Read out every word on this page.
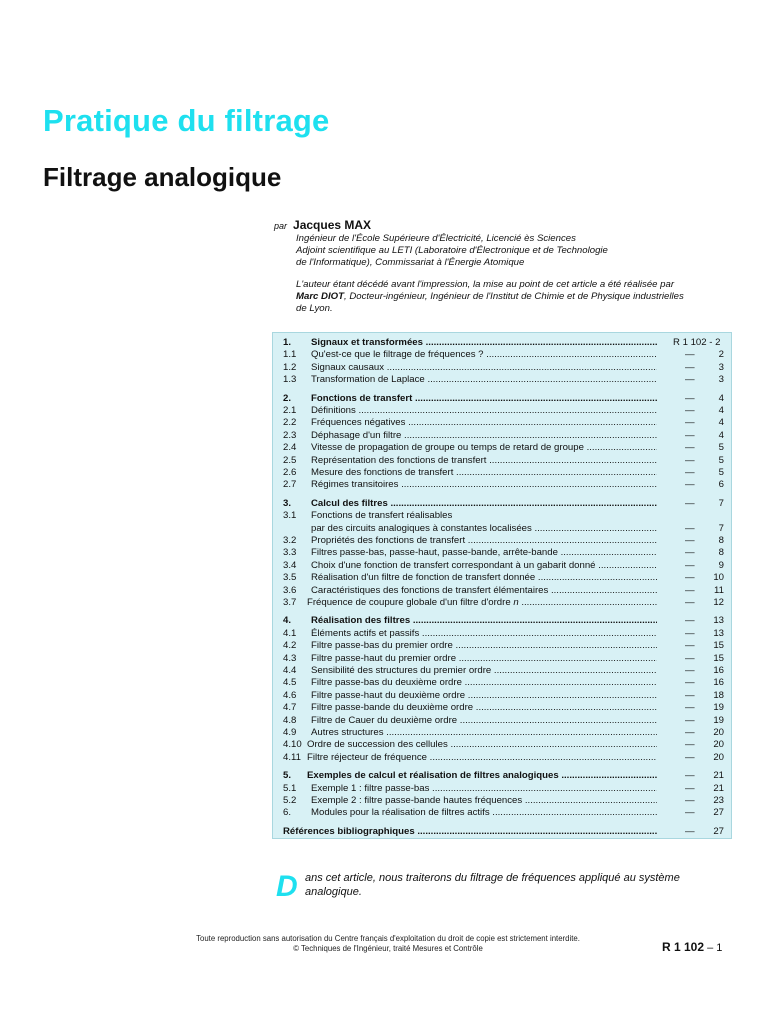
Pratique du filtrage
Filtrage analogique
par Jacques MAX
Ingénieur de l'École Supérieure d'Électricité, Licencié ès Sciences
Adjoint scientifique au LETI (Laboratoire d'Électronique et de Technologie
de l'Informatique), Commissariat à l'Énergie Atomique
L'auteur étant décédé avant l'impression, la mise au point de cet article a été réalisée par
Marc DIOT, Docteur-ingénieur, Ingénieur de l'Institut de Chimie et de Physique industrielles
de Lyon.
1. Signaux et transformées .....	R 1 102 - 2
1.1 Qu'est-ce que le filtrage de fréquences ? .....	—	2
1.2 Signaux causaux .....	—	3
1.3 Transformation de Laplace .....	—	3
2. Fonctions de transfert .....	—	4
2.1 Définitions .....	—	4
2.2 Fréquences négatives .....	—	4
2.3 Déphasage d'un filtre .....	—	4
2.4 Vitesse de propagation de groupe ou temps de retard de groupe .....	—	5
2.5 Représentation des fonctions de transfert .....	—	5
2.6 Mesure des fonctions de transfert .....	—	5
2.7 Régimes transitoires .....	—	6
3. Calcul des filtres .....	—	7
3.1 Fonctions de transfert réalisables
par des circuits analogiques à constantes localisées .....	—	7
3.2 Propriétés des fonctions de transfert .....	—	8
3.3 Filtres passe-bas, passe-haut, passe-bande, arrête-bande .....	—	8
3.4 Choix d'une fonction de transfert correspondant à un gabarit donné .....	—	9
3.5 Réalisation d'un filtre de fonction de transfert donnée .....	— 10
3.6 Caractéristiques des fonctions de transfert élémentaires .....	— 11
3.7 Fréquence de coupure globale d'un filtre d'ordre n .....	— 12
4. Réalisation des filtres .....	— 13
4.1 Éléments actifs et passifs .....	— 13
4.2 Filtre passe-bas du premier ordre .....	— 15
4.3 Filtre passe-haut du premier ordre .....	— 15
4.4 Sensibilité des structures du premier ordre .....	— 16
4.5 Filtre passe-bas du deuxième ordre .....	— 16
4.6 Filtre passe-haut du deuxième ordre .....	— 18
4.7 Filtre passe-bande du deuxième ordre .....	— 19
4.8 Filtre de Cauer du deuxième ordre .....	— 19
4.9 Autres structures .....	— 20
4.10 Ordre de succession des cellules .....	— 20
4.11 Filtre réjecteur de fréquence .....	— 20
5. Exemples de calcul et réalisation de filtres analogiques .....	— 21
5.1 Exemple 1 : filtre passe-bas .....	— 21
5.2 Exemple 2 : filtre passe-bande hautes fréquences .....	— 23
6. Modules pour la réalisation de filtres actifs .....	— 27
Références bibliographiques .....	— 27
D ans cet article, nous traiterons du filtrage de fréquences appliqué au système analogique.
Toute reproduction sans autorisation du Centre français d'exploitation du droit de copie est strictement interdite.
© Techniques de l'Ingénieur, traité Mesures et Contrôle	R 1 102 – 1
